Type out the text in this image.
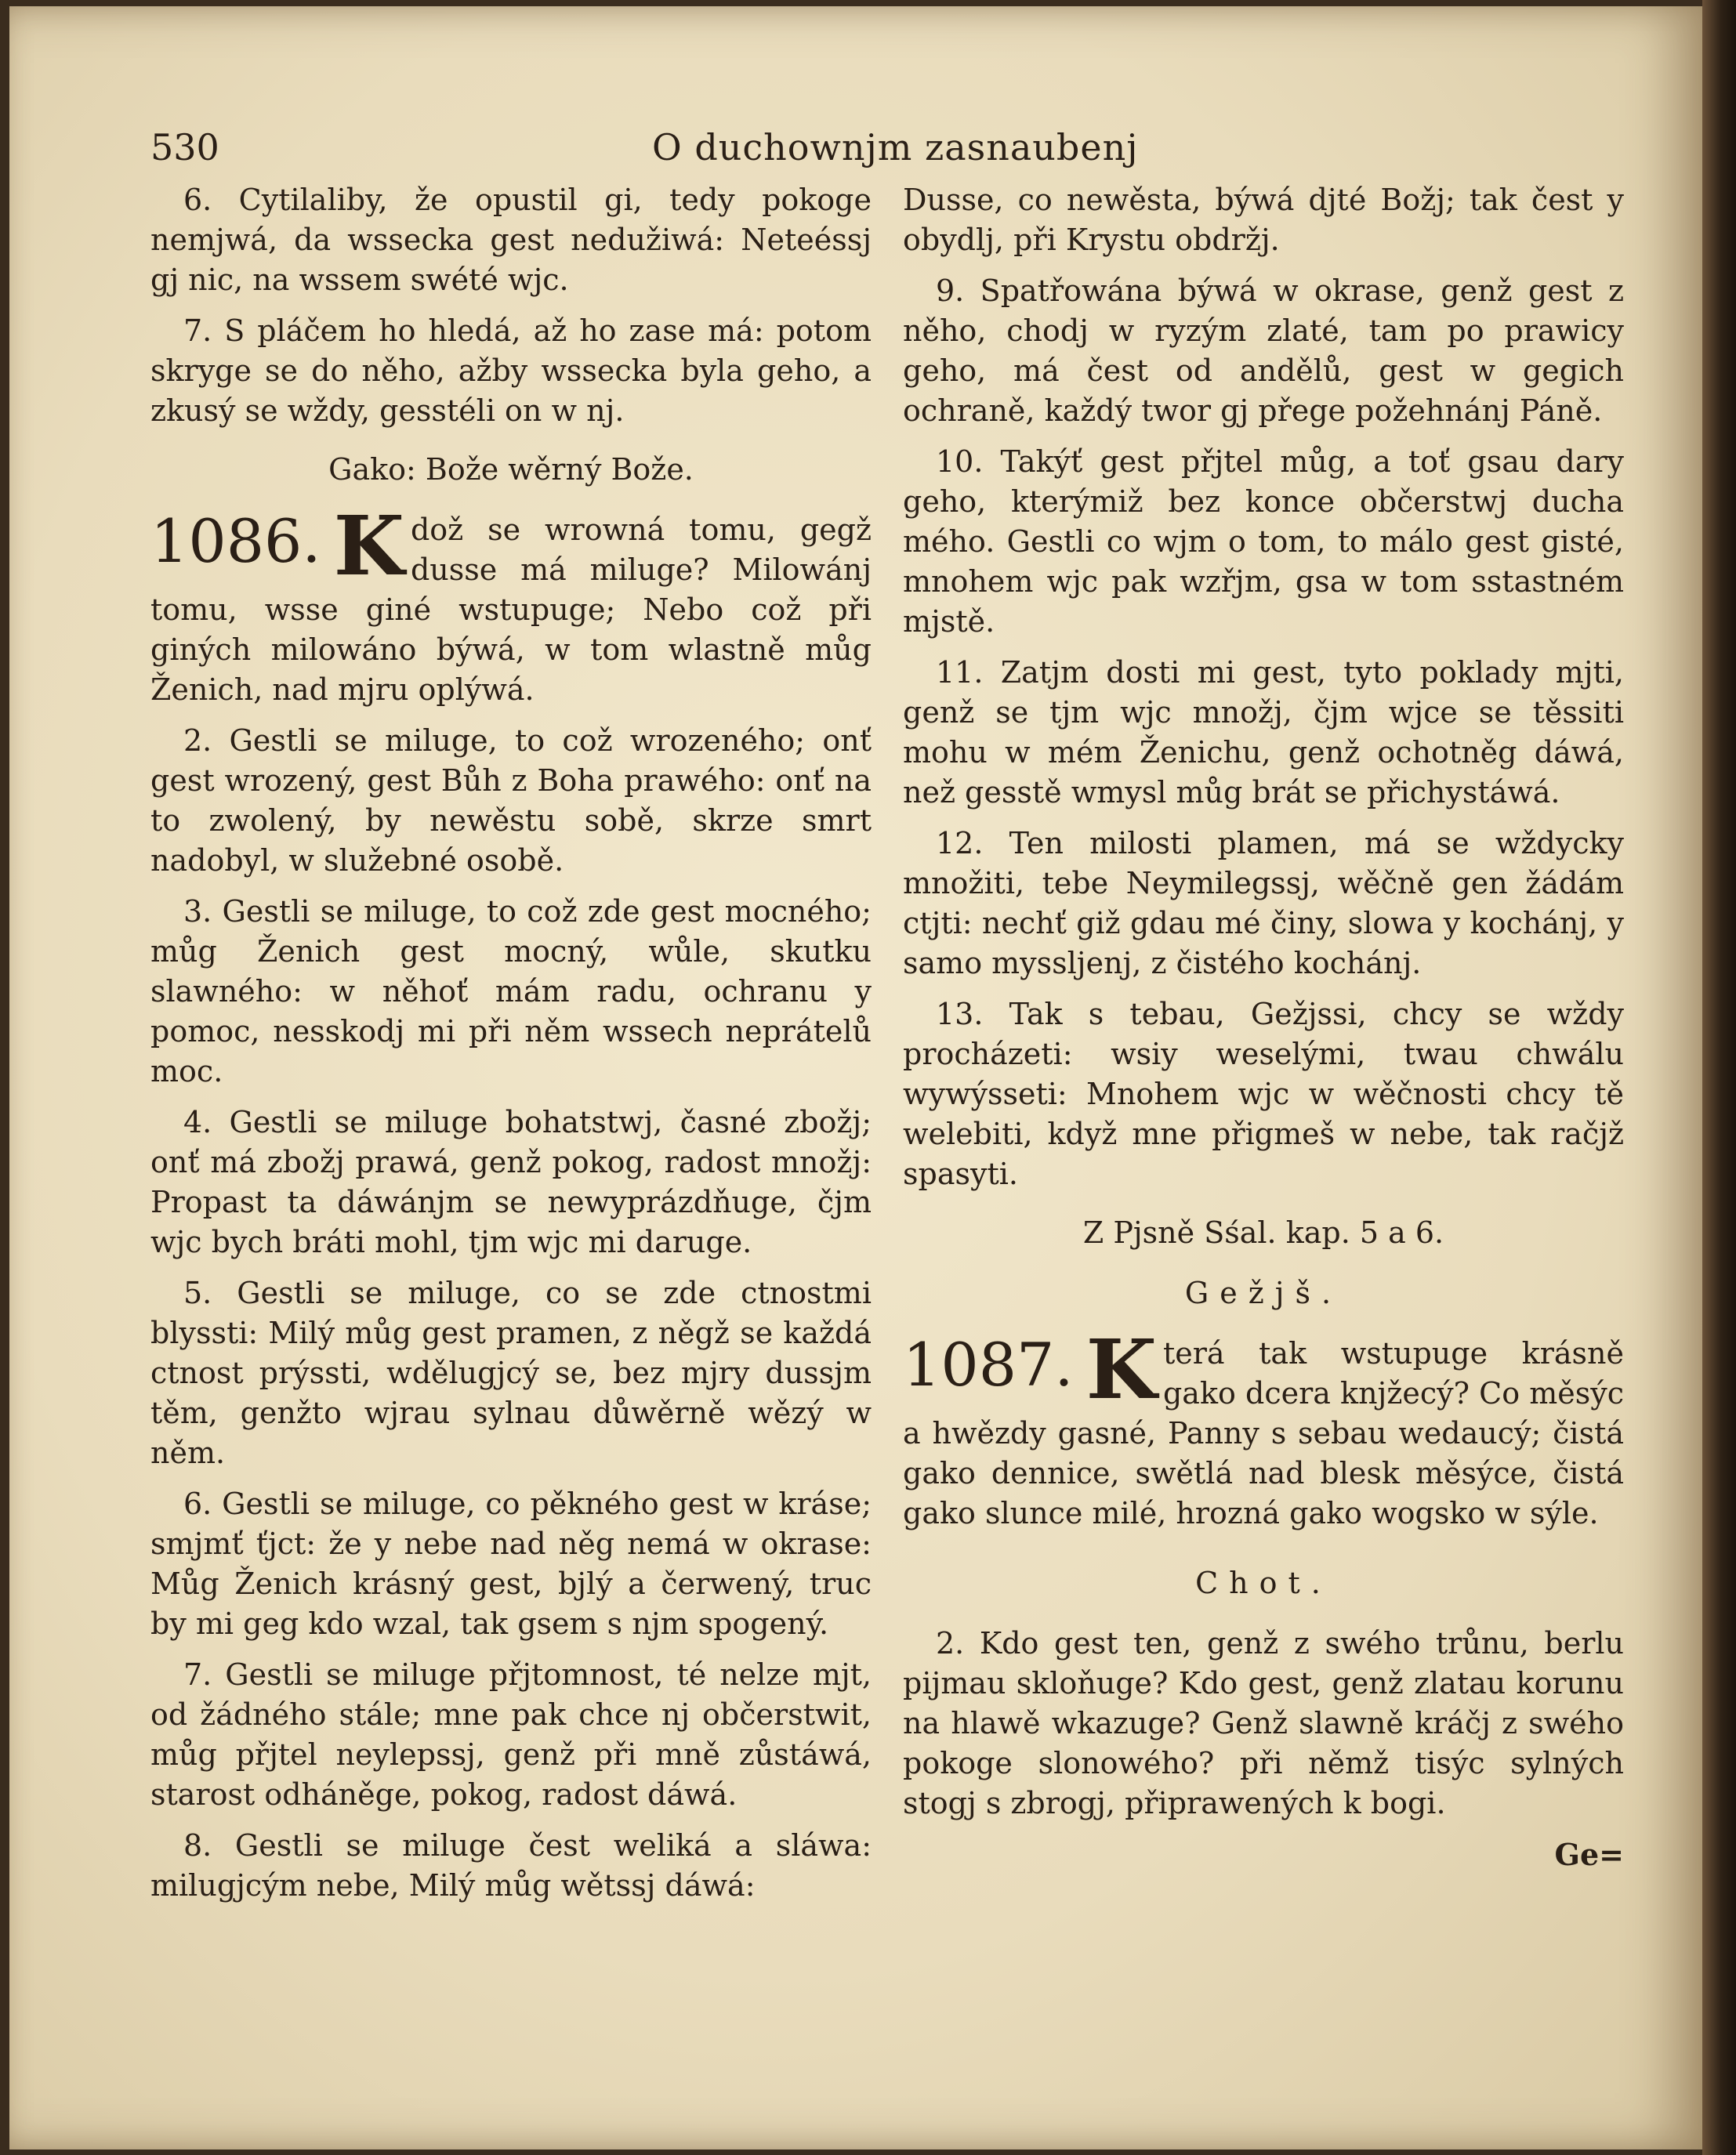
530	O duchownjm zasnaubenj

6. Cytilaliby, že opustil gi, tedy pokoge nemjwá, da wssecka gest nedužiwá: Neteéssj gj nic, na wssem swété wjc.

7. S pláčem ho hledá, až ho zase má: potom skryge se do něho, ažby wssecka byla geho, a zkusý se wždy, gesstéli on w nj.

Gako: Bože wěrný Bože.

1086. K dož se wrowná tomu, gegž dusse má miluge? Milowánj tomu, wsse giné wstupuge; Nebo což při giných milowáno býwá, w tom wlastně můg Ženich, nad mjru oplýwá.

2. Gestli se miluge, to což wrozeného; onť gest wrozený, gest Bůh z Boha prawého: onť na to zwolený, by newěstu sobě, skrze smrt nadobyl, w služebné osobě.

3. Gestli se miluge, to což zde gest mocného; můg Ženich gest mocný, wůle, skutku slawného: w něhoť mám radu, ochranu y pomoc, nesskodj mi při něm wssech neprátelů moc.

4. Gestli se miluge bohatstwj, časné zbožj; onť má zbožj prawá, genž pokog, radost množj: Propast ta dáwánjm se newyprázdňuge, čjm wjc bych bráti mohl, tjm wjc mi daruge.

5. Gestli se miluge, co se zde ctnostmi blyssti: Milý můg gest pramen, z něgž se každá ctnost prýssti, wdělugjcý se, bez mjry dussjm těm, genžto wjrau sylnau důwěrně wězý w něm.

6. Gestli se miluge, co pěkného gest w kráse; smjmť ťjct: že y nebe nad něg nemá w okrase: Můg Ženich krásný gest, bjlý a čerwený, truc by mi geg kdo wzal, tak gsem s njm spogený.

7. Gestli se miluge přjtomnost, té nelze mjt, od žádného stále; mne pak chce nj občerstwit, můg přjtel neylepssj, genž při mně zůstáwá, starost odháněge, pokog, radost dáwá.

8. Gestli se miluge čest weliká a sláwa: milugjcým nebe, Milý můg wětssj dáwá:

Dusse, co newěsta, býwá djté Božj; tak čest y obydlj, při Krystu obdržj.

9. Spatřowána býwá w okrase, genž gest z něho, chodj w ryzým zlaté, tam po prawicy geho, má čest od andělů, gest w gegich ochraně, každý twor gj přege požehnánj Páně.

10. Takýť gest přjtel můg, a toť gsau dary geho, kterýmiž bez konce občerstwj ducha mého. Gestli co wjm o tom, to málo gest gisté, mnohem wjc pak wzřjm, gsa w tom sstastném mjstě.

11. Zatjm dosti mi gest, tyto poklady mjti, genž se tjm wjc množj, čjm wjce se těssiti mohu w mém Ženichu, genž ochotněg dáwá, než gesstě wmysl můg brát se přichystáwá.

12. Ten milosti plamen, má se wždycky množiti, tebe Neymilegssj, wěčně gen žádám ctjti: nechť giž gdau mé činy, slowa y kochánj, y samo myssljenj, z čistého kochánj.

13. Tak s tebau, Gežjssi, chcy se wždy procházeti: wsiy weselými, twau chwálu wywýsseti: Mnohem wjc w wěčnosti chcy tě welebiti, když mne přigmeš w nebe, tak račjž spasyti.

Z Pjsně Sśal. kap. 5 a 6.

Gežjš.

1087. K terá tak wstupuge krásně gako dcera knjžecý? Co měsýc a hwězdy gasné, Panny s sebau wedaucý; čistá gako dennice, swětlá nad blesk měsýce, čistá gako slunce milé, hrozná gako wogsko w sýle.

Chot.

2. Kdo gest ten, genž z swého trůnu, berlu pijmau skloňuge? Kdo gest, genž zlatau korunu na hlawě wkazuge? Genž slawně kráčj z swého pokoge slonowého? při němž tisýc sylných stogj s zbrogj, připrawených k bogi.

Ge=
